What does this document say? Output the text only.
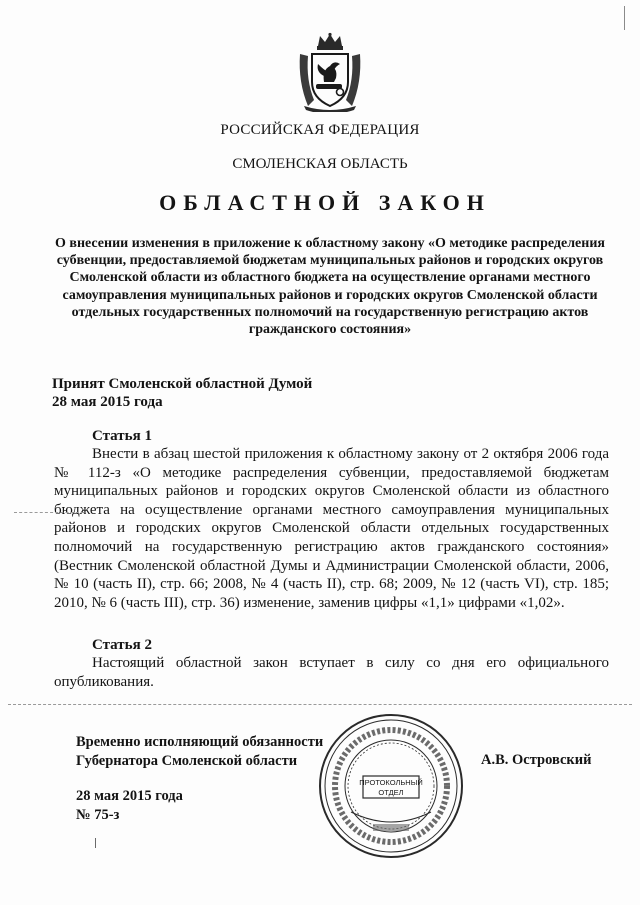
РОССИЙСКАЯ ФЕДЕРАЦИЯ
СМОЛЕНСКАЯ ОБЛАСТЬ
ОБЛАСТНОЙ ЗАКОН
О внесении изменения в приложение к областному закону «О методике распределения субвенции, предоставляемой бюджетам муниципальных районов и городских округов Смоленской области из областного бюджета на осуществление органами местного самоуправления муниципальных районов и городских округов Смоленской области отдельных государственных полномочий на государственную регистрацию актов гражданского состояния»
Принят Смоленской областной Думой
28 мая 2015 года
Статья 1
Внести в абзац шестой приложения к областному закону от 2 октября 2006 года № 112-з «О методике распределения субвенции, предоставляемой бюджетам муниципальных районов и городских округов Смоленской области из областного бюджета на осуществление органами местного самоуправления муниципальных районов и городских округов Смоленской области отдельных государственных полномочий на государственную регистрацию актов гражданского состояния» (Вестник Смоленской областной Думы и Администрации Смоленской области, 2006, № 10 (часть II), стр. 66; 2008, № 4 (часть II), стр. 68; 2009, № 12 (часть VI), стр. 185; 2010, № 6 (часть III), стр. 36) изменение, заменив цифры «1,1» цифрами «1,02».
Статья 2
Настоящий областной закон вступает в силу со дня его официального опубликования.
Временно исполняющий обязанности
Губернатора Смоленской области	А.В. Островский
28 мая 2015 года
№ 75-з
ПРОТОКОЛЬНЫЙ
ОТДЕЛ
